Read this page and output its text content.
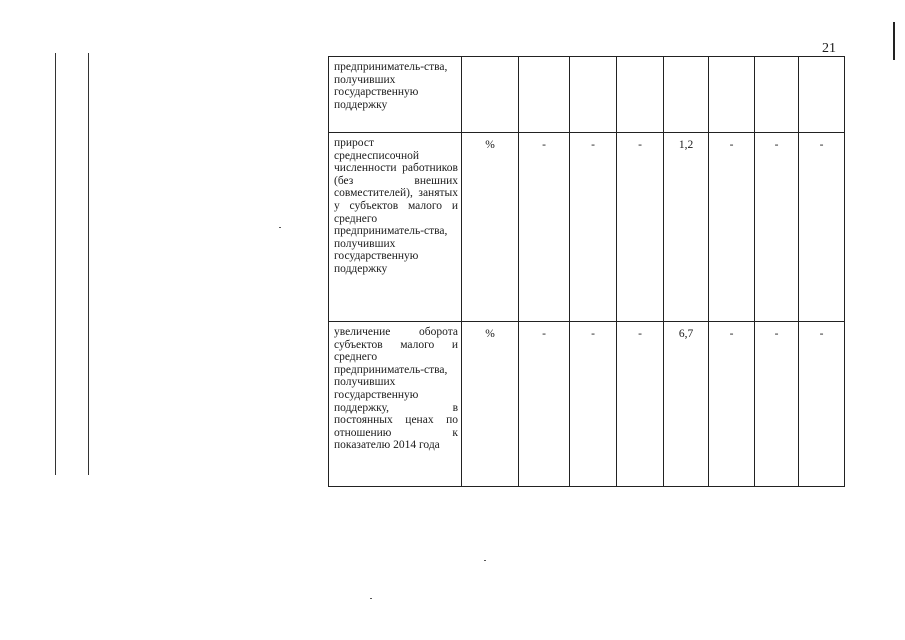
21
предприниматель-ства, получивших государственную поддержку								
прирост среднесписочной численности работников (без внешних совместителей), занятых у субъектов малого и среднего предприниматель-ства, получивших государственную поддержку	%	-	-	-	1,2	-	-	-
увеличение оборота субъектов малого и среднего предприниматель-ства, получивших государственную поддержку, в постоянных ценах по отношению к показателю 2014 года	%	-	-	-	6,7	-	-	-
